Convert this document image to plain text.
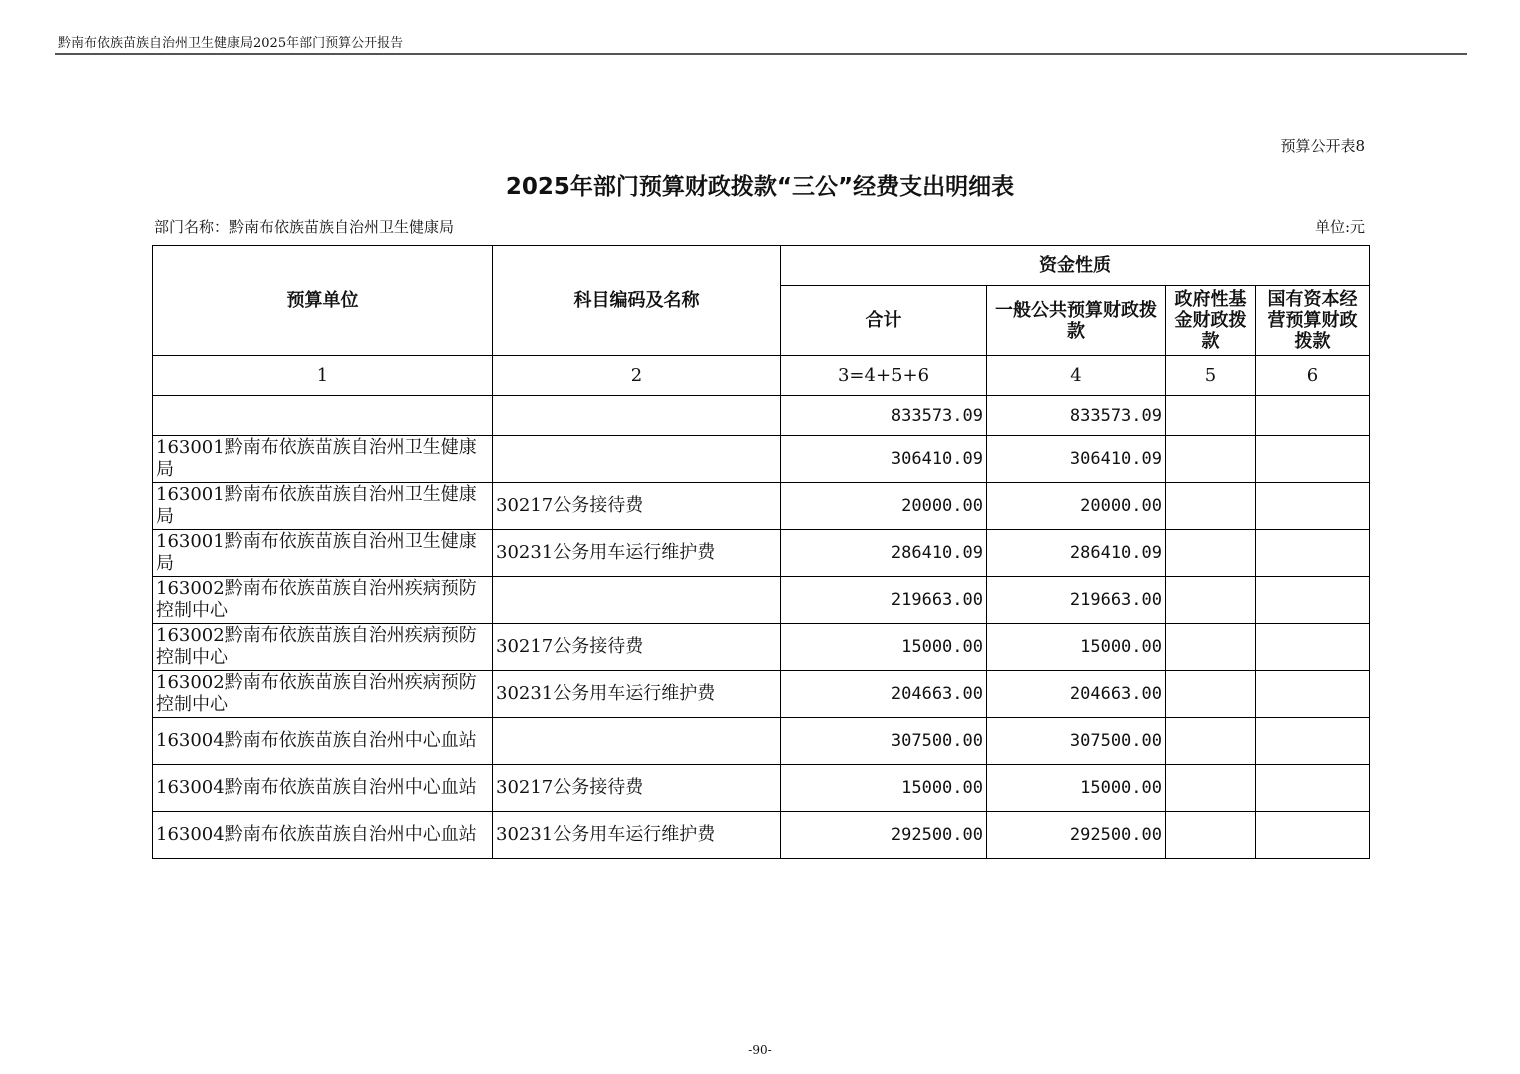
黔南布依族苗族自治州卫生健康局2025年部门预算公开报告
预算公开表8
2025年部门预算财政拨款“三公”经费支出明细表
部门名称：黔南布依族苗族自治州卫生健康局	单位:元
预算单位	科目编码及名称	资金性质			
		合计	一般公共预算财政拨款	政府性基金财政拨款	国有资本经营预算财政拨款
1	2	3=4+5+6	4	5	6
		833573.09	833573.09		
163001黔南布依族苗族自治州卫生健康局		306410.09	306410.09		
163001黔南布依族苗族自治州卫生健康局	30217公务接待费	20000.00	20000.00		
163001黔南布依族苗族自治州卫生健康局	30231公务用车运行维护费	286410.09	286410.09		
163002黔南布依族苗族自治州疾病预防控制中心		219663.00	219663.00		
163002黔南布依族苗族自治州疾病预防控制中心	30217公务接待费	15000.00	15000.00		
163002黔南布依族苗族自治州疾病预防控制中心	30231公务用车运行维护费	204663.00	204663.00		
163004黔南布依族苗族自治州中心血站		307500.00	307500.00		
163004黔南布依族苗族自治州中心血站	30217公务接待费	15000.00	15000.00		
163004黔南布依族苗族自治州中心血站	30231公务用车运行维护费	292500.00	292500.00		
-90-
